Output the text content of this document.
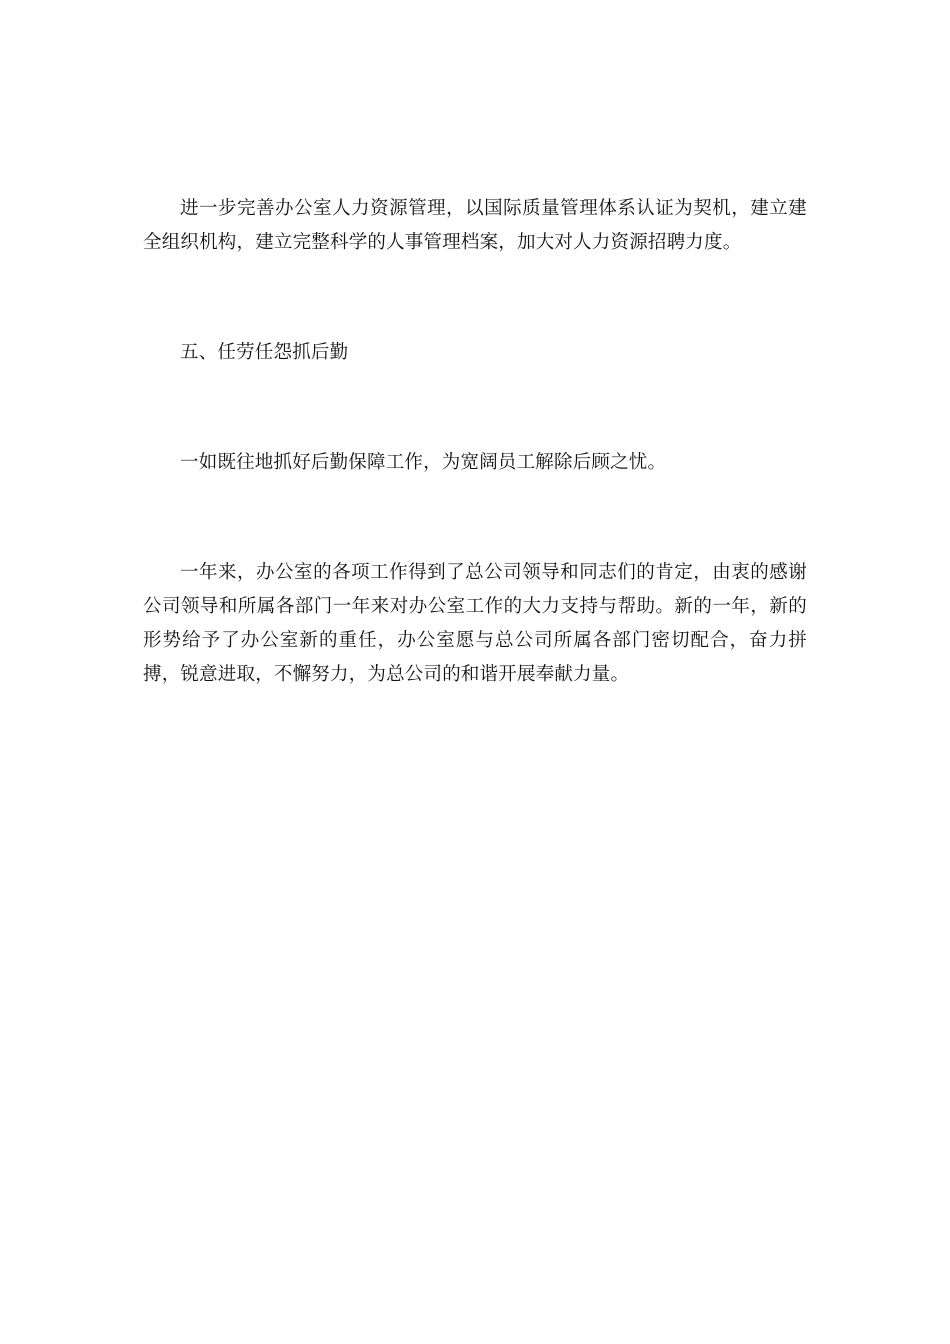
进一步完善办公室人力资源管理，以国际质量管理体系认证为契机，建立建全组织机构，建立完整科学的人事管理档案，加大对人力资源招聘力度。

五、任劳任怨抓后勤

一如既往地抓好后勤保障工作，为宽阔员工解除后顾之忧。

一年来，办公室的各项工作得到了总公司领导和同志们的肯定，由衷的感谢公司领导和所属各部门一年来对办公室工作的大力支持与帮助。新的一年，新的形势给予了办公室新的重任，办公室愿与总公司所属各部门密切配合，奋力拼搏，锐意进取，不懈努力，为总公司的和谐开展奉献力量。
